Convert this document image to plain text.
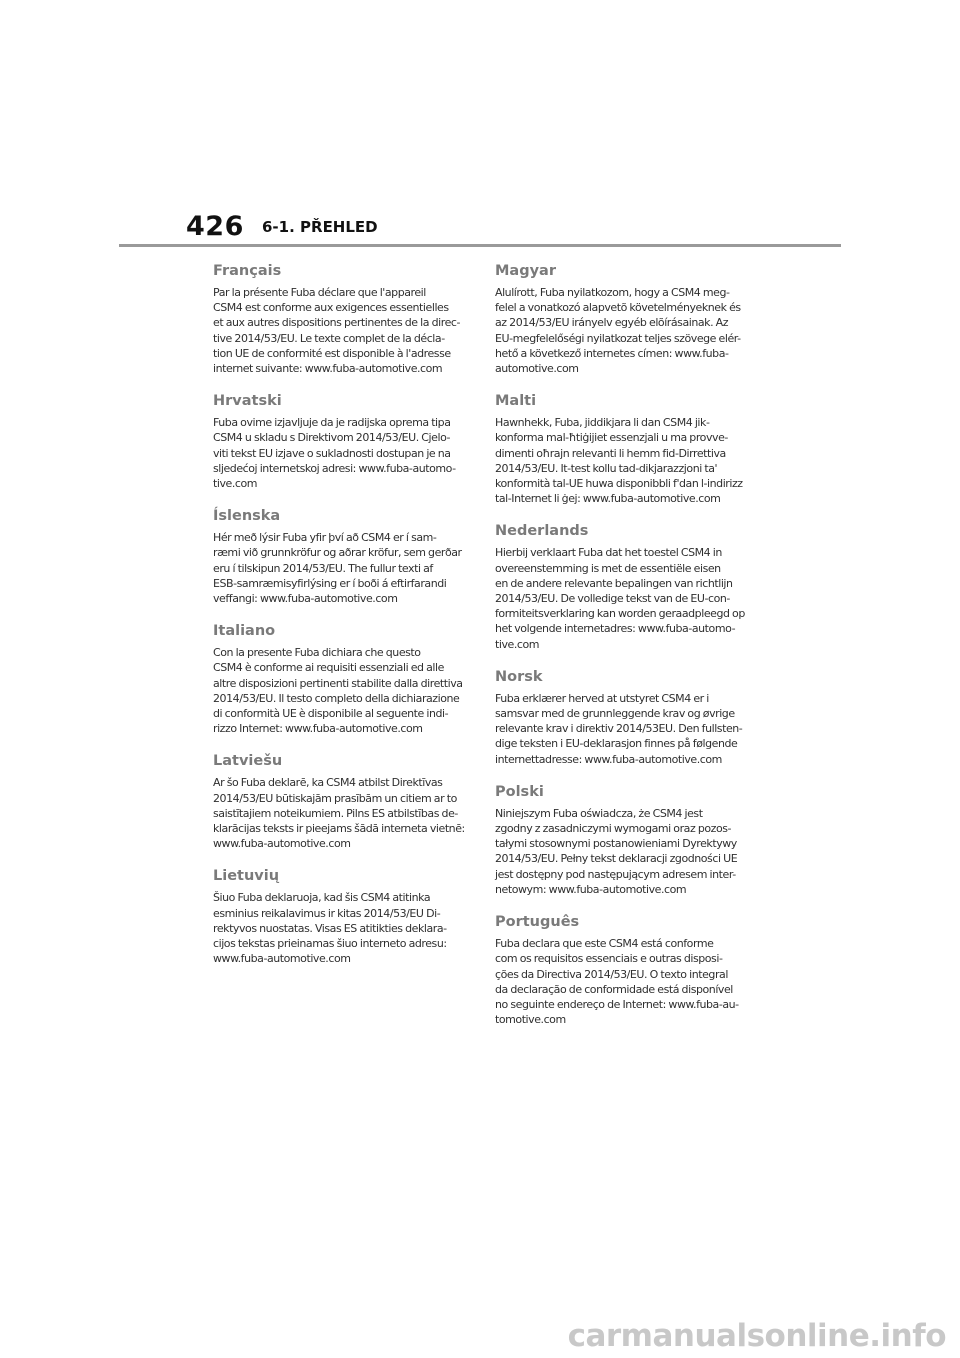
426 6-1. PŘEHLED
Français

Par la présente Fuba déclare que l'appareil
CSM4 est conforme aux exigences essentielles
et aux autres dispositions pertinentes de la direc-
tive 2014/53/EU. Le texte complet de la décla-
tion UE de conformité est disponible à l'adresse
internet suivante: www.fuba-automotive.com

Hrvatski

Fuba ovime izjavljuje da je radijska oprema tipa
CSM4 u skladu s Direktivom 2014/53/EU. Cjelo-
viti tekst EU izjave o sukladnosti dostupan je na
sljedećoj internetskoj adresi: www.fuba-automo-
tive.com

Íslenska

Hér með lýsir Fuba yfir því að CSM4 er í sam-
ræmi við grunnkröfur og aðrar kröfur, sem gerðar
eru í tilskipun 2014/53/EU. The fullur texti af
ESB-samræmisyfirlýsing er í boði á eftirfarandi
veffangi: www.fuba-automotive.com

Italiano

Con la presente Fuba dichiara che questo
CSM4 è conforme ai requisiti essenziali ed alle
altre disposizioni pertinenti stabilite dalla direttiva
2014/53/EU. Il testo completo della dichiarazione
di conformità UE è disponibile al seguente indi-
rizzo Internet: www.fuba-automotive.com

Latviešu

Ar šo Fuba deklarē, ka CSM4 atbilst Direktīvas
2014/53/EU būtiskajām prasībām un citiem ar to
saistītajiem noteikumiem. Pilns ES atbilstības de-
klarācijas teksts ir pieejams šādā interneta vietnē:
www.fuba-automotive.com

Lietuvių

Šiuo Fuba deklaruoja, kad šis CSM4 atitinka
esminius reikalavimus ir kitas 2014/53/EU Di-
rektyvos nuostatas. Visas ES atitikties deklara-
cijos tekstas prieinamas šiuo interneto adresu:
www.fuba-automotive.com

Magyar

Alulírott, Fuba nyilatkozom, hogy a CSM4 meg-
felel a vonatkozó alapvetõ követelményeknek és
az 2014/53/EU irányelv egyéb elõírásainak. Az
EU-megfelelőségi nyilatkozat teljes szövege elér-
hető a következő internetes címen: www.fuba-
automotive.com

Malti

Hawnhekk, Fuba, jiddikjara li dan CSM4 jik-
konforma mal-ħtiġijiet essenzjali u ma provve-
dimenti oħrajn relevanti li hemm fid-Dirrettiva
2014/53/EU. It-test kollu tad-dikjarazzjoni ta'
konformità tal-UE huwa disponibbli f'dan l-indirizz
tal-Internet li ġej: www.fuba-automotive.com

Nederlands

Hierbij verklaart Fuba dat het toestel CSM4 in
overeenstemming is met de essentiële eisen
en de andere relevante bepalingen van richtlijn
2014/53/EU. De volledige tekst van de EU-con-
formiteitsverklaring kan worden geraadpleegd op
het volgende internetadres: www.fuba-automo-
tive.com

Norsk

Fuba erklærer herved at utstyret CSM4 er i
samsvar med de grunnleggende krav og øvrige
relevante krav i direktiv 2014/53EU. Den fullsten-
dige teksten i EU-deklarasjon finnes på følgende
internettadresse: www.fuba-automotive.com

Polski

Niniejszym Fuba oświadcza, że CSM4 jest
zgodny z zasadniczymi wymogami oraz pozos-
tałymi stosownymi postanowieniami Dyrektywy
2014/53/EU. Pełny tekst deklaracji zgodności UE
jest dostępny pod następującym adresem inter-
netowym: www.fuba-automotive.com

Português

Fuba declara que este CSM4 está conforme
com os requisitos essenciais e outras disposi-
ções da Directiva 2014/53/EU. O texto integral
da declaração de conformidade está disponível
no seguinte endereço de Internet: www.fuba-au-
tomotive.com

carmanualsonline.info
